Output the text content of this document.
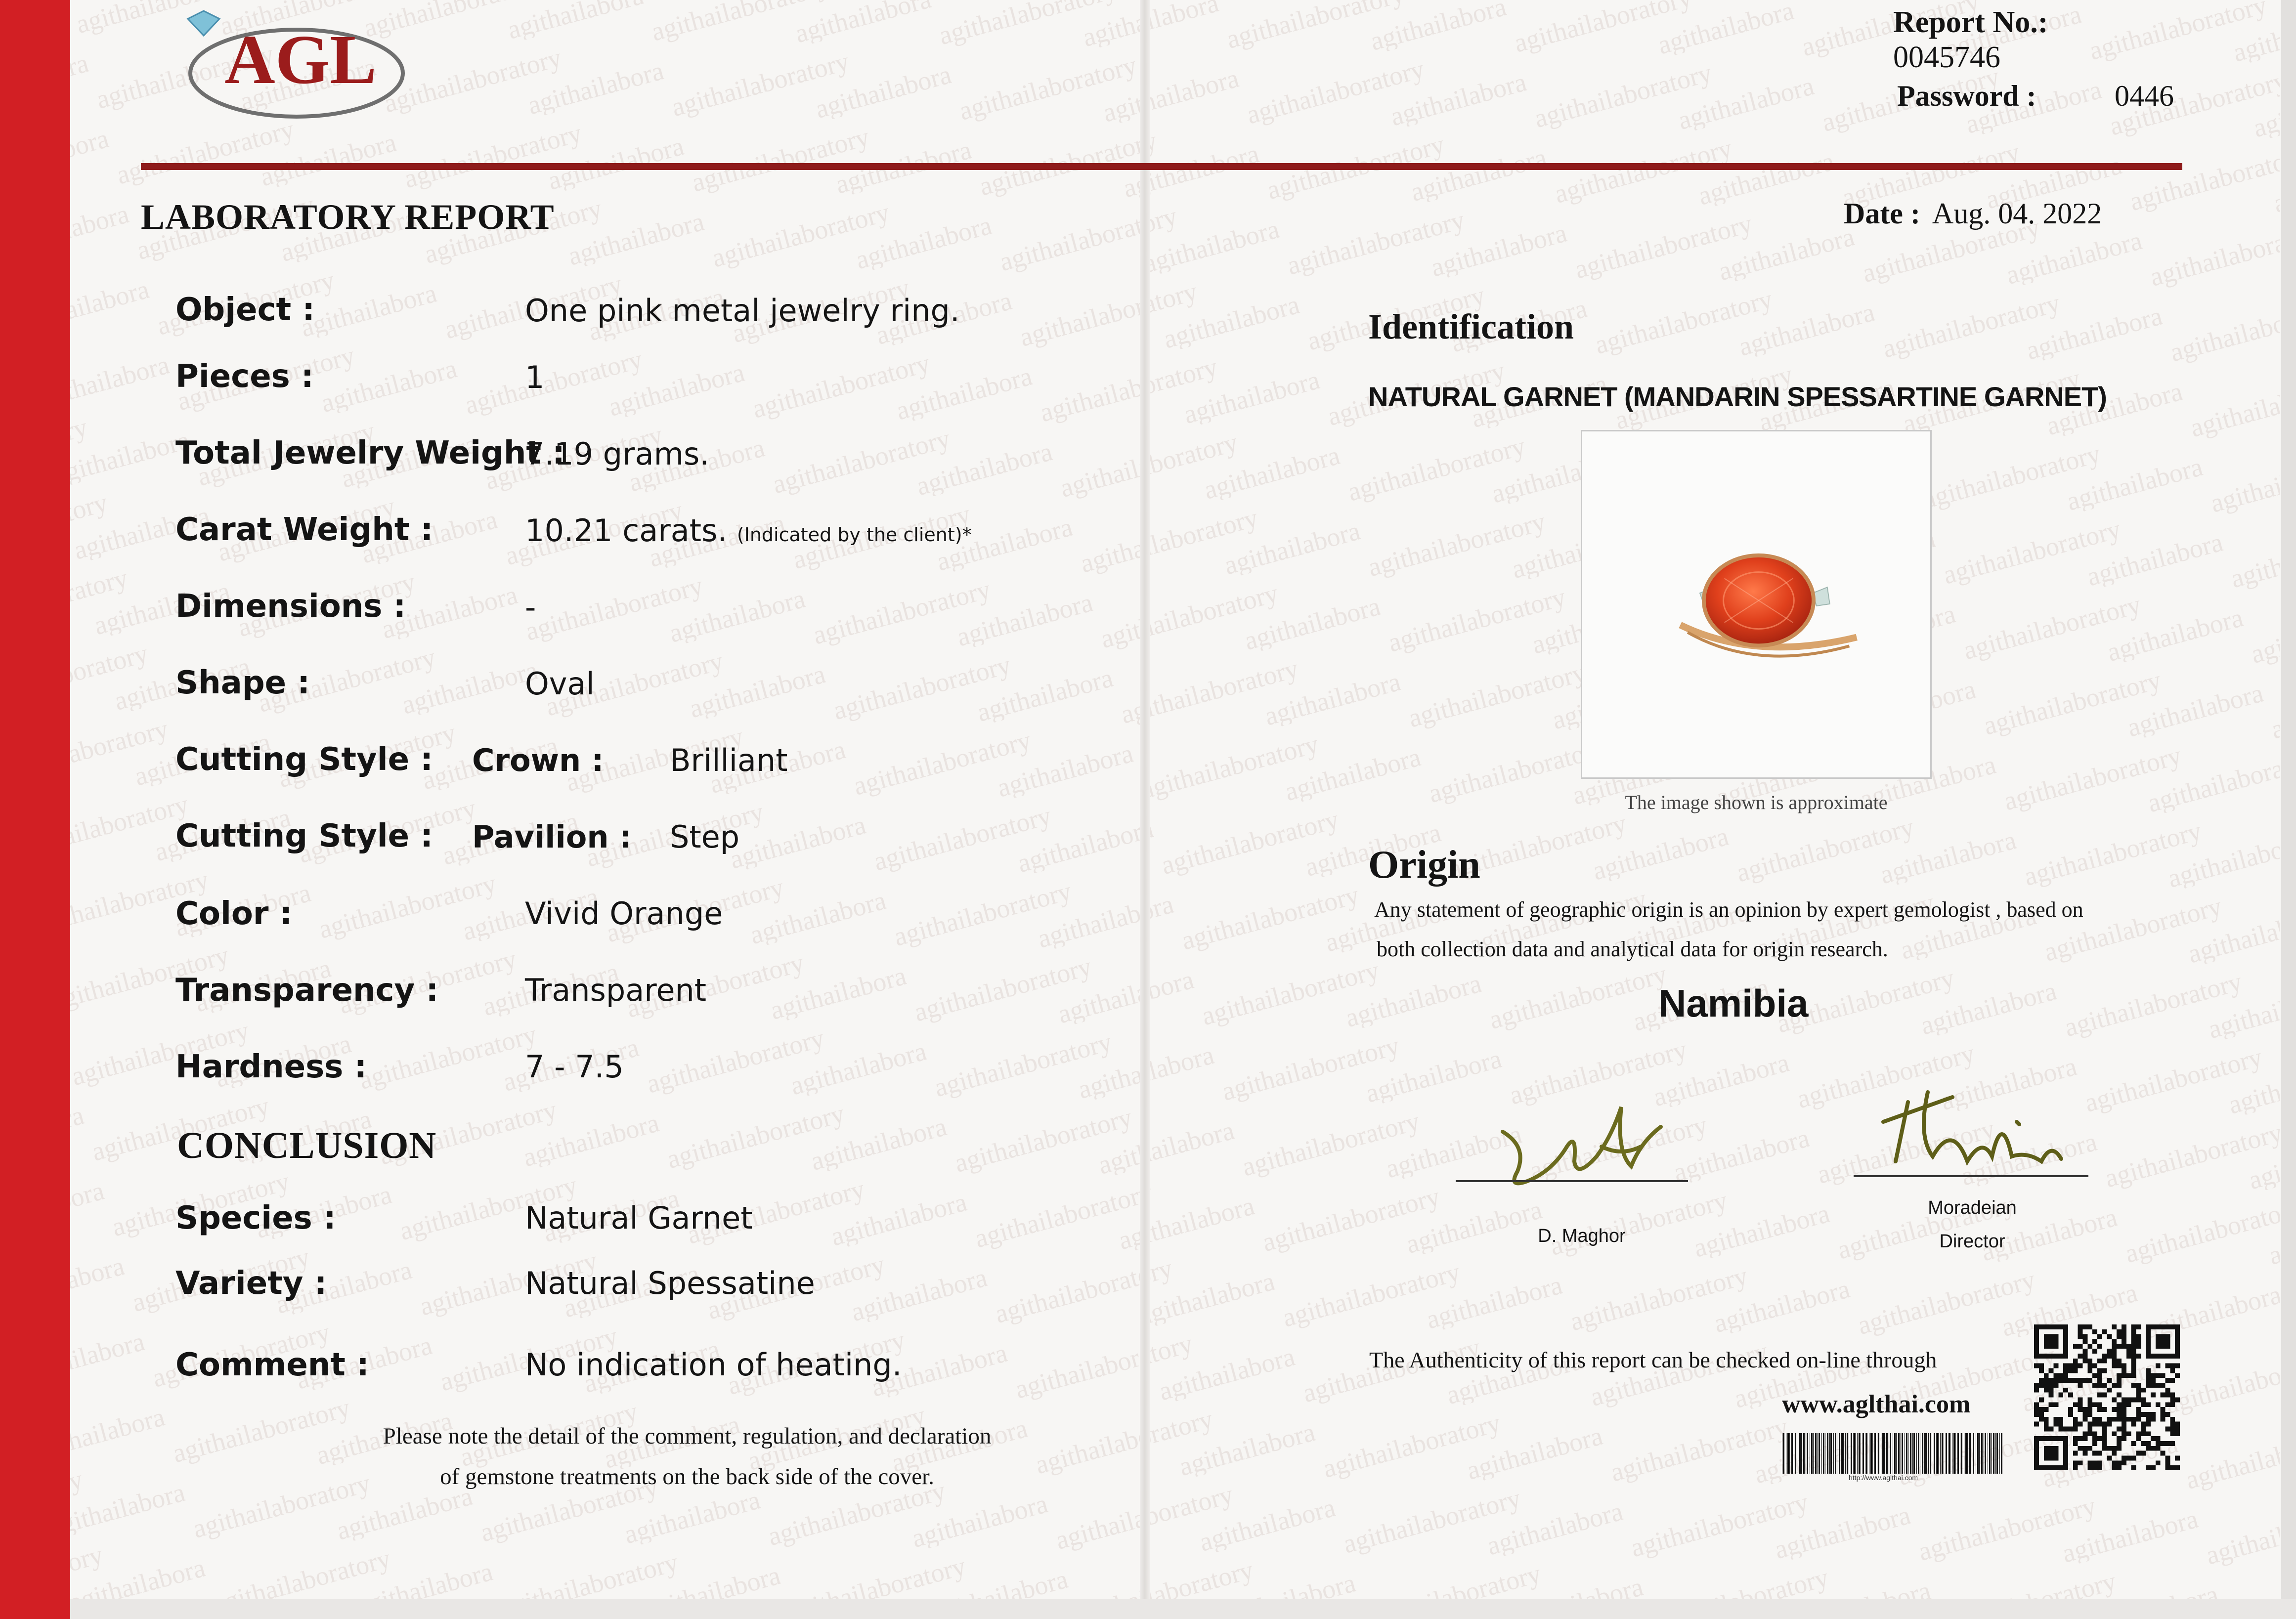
AGL	Report No.:0045746
Password :	0446
LABORATORY REPORT	Date : Aug. 04. 2022
Object :	One pink metal jewelry ring.
Pieces :	1
Total Jewelry Weight :
7.19 grams.
Carat Weight :	10.21 carats. (Indicated by the client)*
Dimensions :	-
Shape :	Oval
Cutting Style : Crown : Brilliant
Cutting Style : Pavilion : Step
Color :	Vivid Orange
Transparency :	Transparent
Hardness :	7 - 7.5
CONCLUSION
Species :	Natural Garnet
Variety :	Natural Spessatine
Comment :	No indication of heating.
Please note the detail of the comment, regulation, and declaration
of gemstone treatments on the back side of the cover.
Identification
NATURAL GARNET (MANDARIN SPESSARTINE GARNET)
The image shown is approximate
Origin
Any statement of geographic origin is an opinion by expert gemologist , based on
both collection data and analytical data for origin research.
Namibia
D. Maghor
Moradeian
Director
The Authenticity of this report can be checked on-line through
www.aglthai.com
http://www.aglthai.com
